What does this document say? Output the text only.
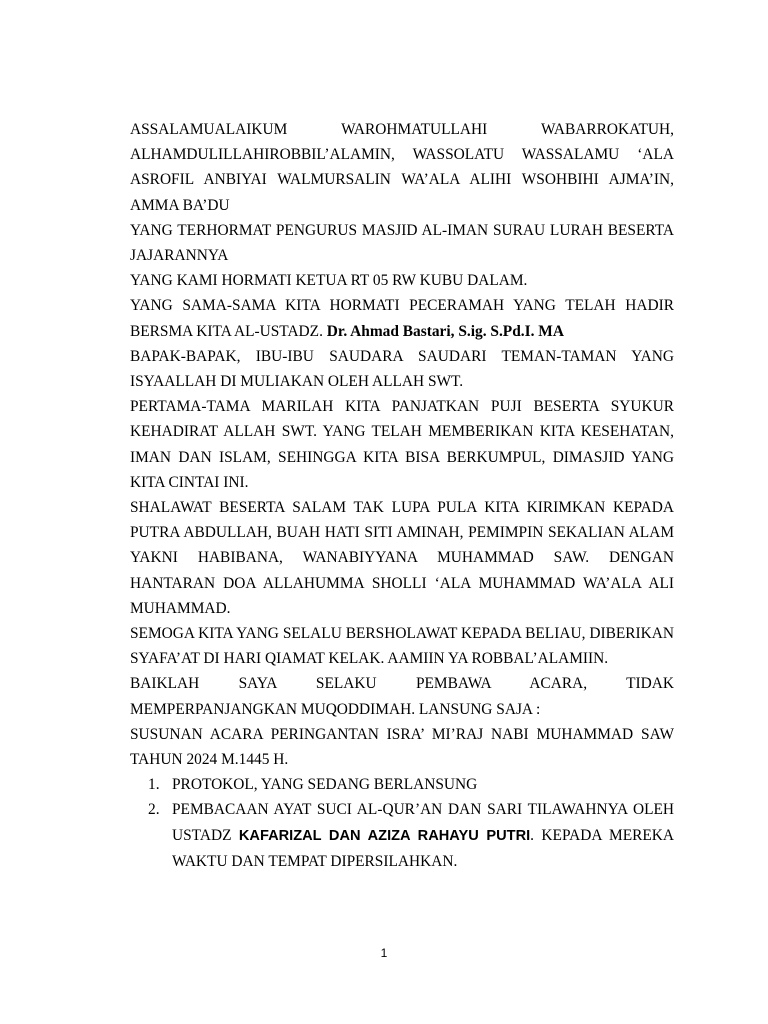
ASSALAMUALAIKUM WAROHMATULLAHI WABARROKATUH,

ALHAMDULILLAHIROBBIL’ALAMIN, WASSOLATU WASSALAMU ‘ALA ASROFIL ANBIYAI WALMURSALIN WA’ALA ALIHI WSOHBIHI AJMA’IN, AMMA BA’DU

YANG TERHORMAT PENGURUS MASJID AL-IMAN SURAU LURAH BESERTA JAJARANNYA

YANG KAMI HORMATI KETUA RT 05 RW KUBU DALAM.

YANG SAMA-SAMA KITA HORMATI PECERAMAH YANG TELAH HADIR BERSMA KITA AL-USTADZ. Dr. Ahmad Bastari, S.ig. S.Pd.I. MA

BAPAK-BAPAK, IBU-IBU SAUDARA SAUDARI TEMAN-TAMAN YANG ISYAALLAH DI MULIAKAN OLEH ALLAH SWT.

PERTAMA-TAMA MARILAH KITA PANJATKAN PUJI BESERTA SYUKUR KEHADIRAT ALLAH SWT. YANG TELAH MEMBERIKAN KITA KESEHATAN, IMAN DAN ISLAM, SEHINGGA KITA BISA BERKUMPUL, DIMASJID YANG KITA CINTAI INI.

SHALAWAT BESERTA SALAM TAK LUPA PULA KITA KIRIMKAN KEPADA PUTRA ABDULLAH, BUAH HATI SITI AMINAH, PEMIMPIN SEKALIAN ALAM YAKNI HABIBANA, WANABIYYANA MUHAMMAD SAW. DENGAN HANTARAN DOA ALLAHUMMA SHOLLI ‘ALA MUHAMMAD WA’ALA ALI MUHAMMAD.

SEMOGA KITA YANG SELALU BERSHOLAWAT KEPADA BELIAU, DIBERIKAN SYAFA’AT DI HARI QIAMAT KELAK. AAMIIN YA ROBBAL’ALAMIIN.

BAIKLAH SAYA SELAKU PEMBAWA ACARA, TIDAK

MEMPERPANJANGKAN MUQODDIMAH. LANSUNG SAJA :

SUSUNAN ACARA PERINGANTAN ISRA’ MI’RAJ NABI MUHAMMAD SAW TAHUN 2024 M.1445 H.

1. PROTOKOL, YANG SEDANG BERLANSUNG
2. PEMBACAAN AYAT SUCI AL-QUR’AN DAN SARI TILAWAHNYA OLEH USTADZ KAFARIZAL DAN AZIZA RAHAYU PUTRI. KEPADA MEREKA WAKTU DAN TEMPAT DIPERSILAHKAN.
1
